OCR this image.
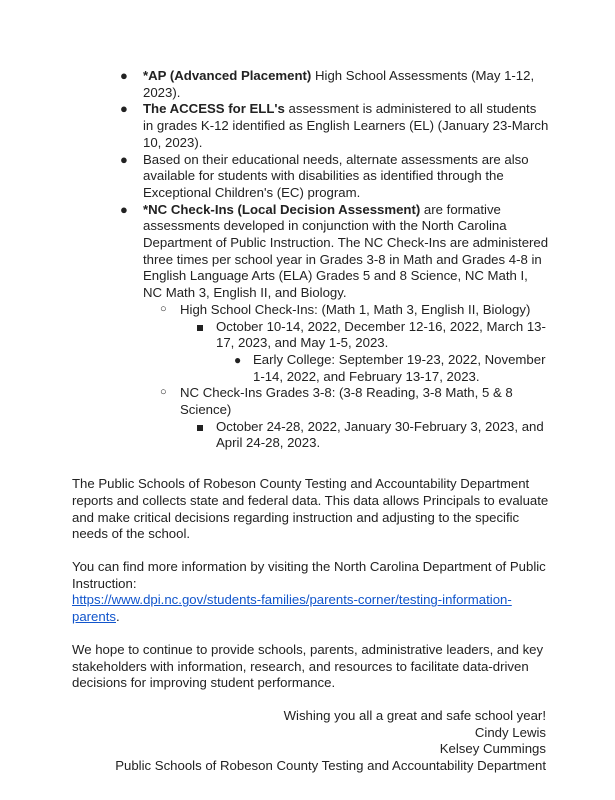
● *AP (Advanced Placement) High School Assessments (May 1-12, 2023).
● The ACCESS for ELL's assessment is administered to all students in grades K-12 identified as English Learners (EL) (January 23-March 10, 2023).
● Based on their educational needs, alternate assessments are also available for students with disabilities as identified through the Exceptional Children's (EC) program.
● *NC Check-Ins (Local Decision Assessment) are formative assessments developed in conjunction with the North Carolina Department of Public Instruction. The NC Check-Ins are administered three times per school year in Grades 3-8 in Math and Grades 4-8 in English Language Arts (ELA) Grades 5 and 8 Science, NC Math I, NC Math 3, English II, and Biology.
○ High School Check-Ins: (Math 1, Math 3, English II, Biology)
October 10-14, 2022, December 12-16, 2022, March 13-17, 2023, and May 1-5, 2023.
● Early College: September 19-23, 2022, November 1-14, 2022, and February 13-17, 2023.
○ NC Check-Ins Grades 3-8: (3-8 Reading, 3-8 Math, 5 & 8 Science)
October 24-28, 2022, January 30-February 3, 2023, and April 24-28, 2023.

The Public Schools of Robeson County Testing and Accountability Department reports and collects state and federal data. This data allows Principals to evaluate and make critical decisions regarding instruction and adjusting to the specific needs of the school.

You can find more information by visiting the North Carolina Department of Public Instruction:
https://www.dpi.nc.gov/students-families/parents-corner/testing-information-parents.

We hope to continue to provide schools, parents, administrative leaders, and key stakeholders with information, research, and resources to facilitate data-driven decisions for improving student performance.

Wishing you all a great and safe school year!
Cindy Lewis
Kelsey Cummings
Public Schools of Robeson County Testing and Accountability Department
